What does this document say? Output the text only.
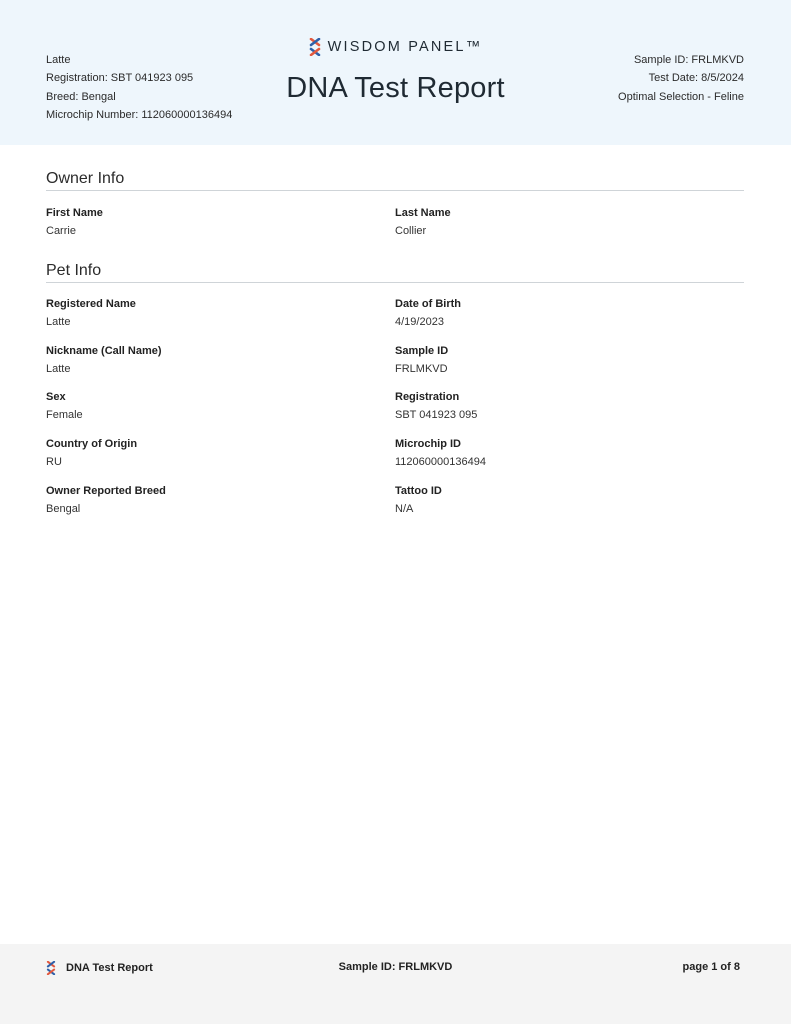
Latte
Registration: SBT 041923 095
Breed: Bengal
Microchip Number: 112060000136494
WISDOM PANEL™
DNA Test Report
Sample ID: FRLMKVD
Test Date: 8/5/2024
Optimal Selection - Feline
Owner Info
First Name
Carrie
Last Name
Collier
Pet Info
Registered Name
Latte
Date of Birth
4/19/2023
Nickname (Call Name)
Latte
Sample ID
FRLMKVD
Sex
Female
Registration
SBT 041923 095
Country of Origin
RU
Microchip ID
112060000136494
Owner Reported Breed
Bengal
Tattoo ID
N/A
DNA Test Report	Sample ID: FRLMKVD	page 1 of 8
